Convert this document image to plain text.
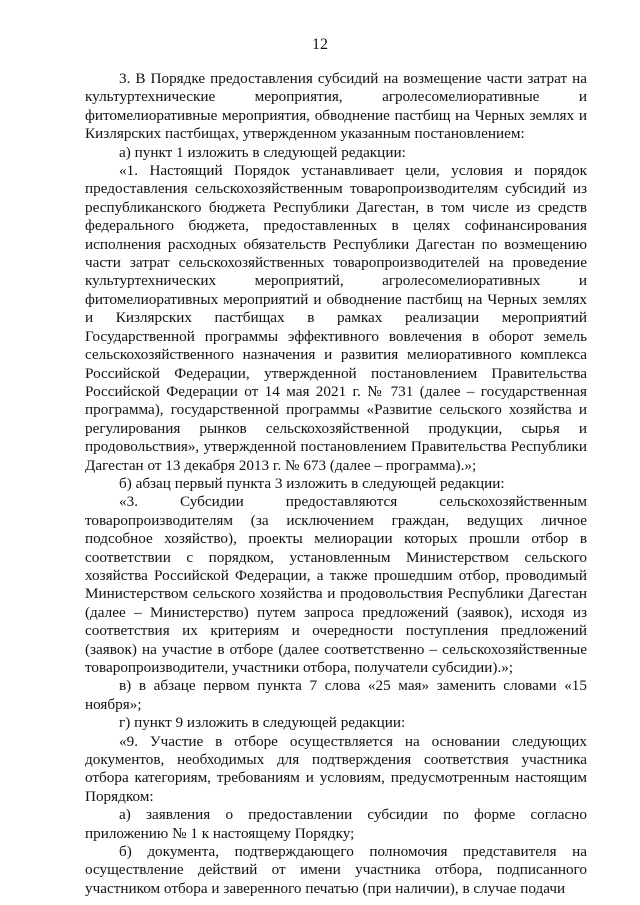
12

3. В Порядке предоставления субсидий на возмещение части затрат на культуртехнические мероприятия, агролесомелиоративные и фитомелиоративные мероприятия, обводнение пастбищ на Черных землях и Кизлярских пастбищах, утвержденном указанным постановлением:

а) пункт 1 изложить в следующей редакции:

«1. Настоящий Порядок устанавливает цели, условия и порядок предоставления сельскохозяйственным товаропроизводителям субсидий из республиканского бюджета Республики Дагестан, в том числе из средств федерального бюджета, предоставленных в целях софинансирования исполнения расходных обязательств Республики Дагестан по возмещению части затрат сельскохозяйственных товаропроизводителей на проведение культуртехнических мероприятий, агролесомелиоративных и фитомелиоративных мероприятий и обводнение пастбищ на Черных землях и Кизлярских пастбищах в рамках реализации мероприятий Государственной программы эффективного вовлечения в оборот земель сельскохозяйственного назначения и развития мелиоративного комплекса Российской Федерации, утвержденной постановлением Правительства Российской Федерации от 14 мая 2021 г. № 731 (далее – государственная программа), государственной программы «Развитие сельского хозяйства и регулирования рынков сельскохозяйственной продукции, сырья и продовольствия», утвержденной постановлением Правительства Республики Дагестан от 13 декабря 2013 г. № 673 (далее – программа).»;

б) абзац первый пункта 3 изложить в следующей редакции:

«3. Субсидии предоставляются сельскохозяйственным товаропроизводителям (за исключением граждан, ведущих личное подсобное хозяйство), проекты мелиорации которых прошли отбор в соответствии с порядком, установленным Министерством сельского хозяйства Российской Федерации, а также прошедшим отбор, проводимый Министерством сельского хозяйства и продовольствия Республики Дагестан (далее – Министерство) путем запроса предложений (заявок), исходя из соответствия их критериям и очередности поступления предложений (заявок) на участие в отборе (далее соответственно – сельскохозяйственные товаропроизводители, участники отбора, получатели субсидии).»;

в) в абзаце первом пункта 7 слова «25 мая» заменить словами «15 ноября»;

г) пункт 9 изложить в следующей редакции:

«9. Участие в отборе осуществляется на основании следующих документов, необходимых для подтверждения соответствия участника отбора категориям, требованиям и условиям, предусмотренным настоящим Порядком:

а) заявления о предоставлении субсидии по форме согласно приложению № 1 к настоящему Порядку;

б) документа, подтверждающего полномочия представителя на осуществление действий от имени участника отбора, подписанного участником отбора и заверенного печатью (при наличии), в случае подачи
